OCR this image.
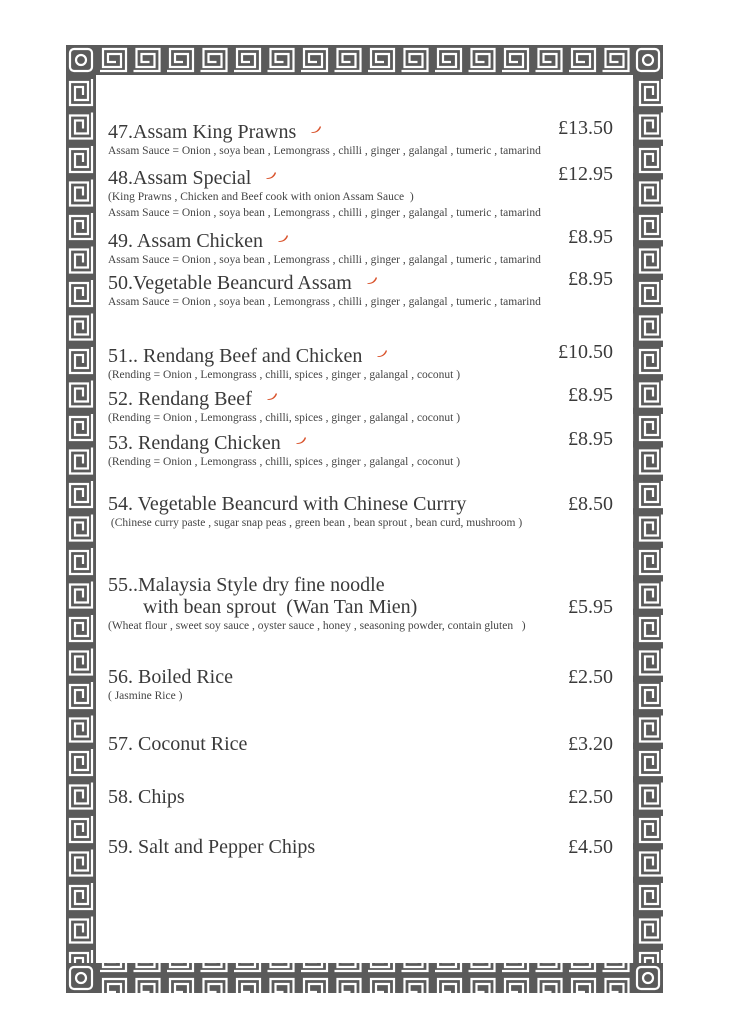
£13.50
47.Assam King Prawns
Assam Sauce = Onion , soya bean , Lemongrass , chilli , ginger , galangal , tumeric , tamarind
£12.95
48.Assam Special
(King Prawns , Chicken and Beef cook with onion Assam Sauce  )
Assam Sauce = Onion , soya bean , Lemongrass , chilli , ginger , galangal , tumeric , tamarind
£8.95
49. Assam Chicken
Assam Sauce = Onion , soya bean , Lemongrass , chilli , ginger , galangal , tumeric , tamarind
£8.95
50.Vegetable Beancurd Assam
Assam Sauce = Onion , soya bean , Lemongrass , chilli , ginger , galangal , tumeric , tamarind
£10.50
51.. Rendang Beef and Chicken
(Rending = Onion , Lemongrass , chilli, spices , ginger , galangal , coconut )
£8.95
52. Rendang Beef
(Rending = Onion , Lemongrass , chilli, spices , ginger , galangal , coconut )
£8.95
53. Rendang Chicken
(Rending = Onion , Lemongrass , chilli, spices , ginger , galangal , coconut )
£8.50
54. Vegetable Beancurd with Chinese Currry
(Chinese curry paste , sugar snap peas , green bean , bean sprout , bean curd, mushroom )
£5.95
55..Malaysia Style dry fine noodle
with bean sprout  (Wan Tan Mien)
(Wheat flour , sweet soy sauce , oyster sauce , honey , seasoning powder, contain gluten   )
£2.50
56. Boiled Rice
( Jasmine Rice )
£3.20
57. Coconut Rice
£2.50
58. Chips
£4.50
59. Salt and Pepper Chips
